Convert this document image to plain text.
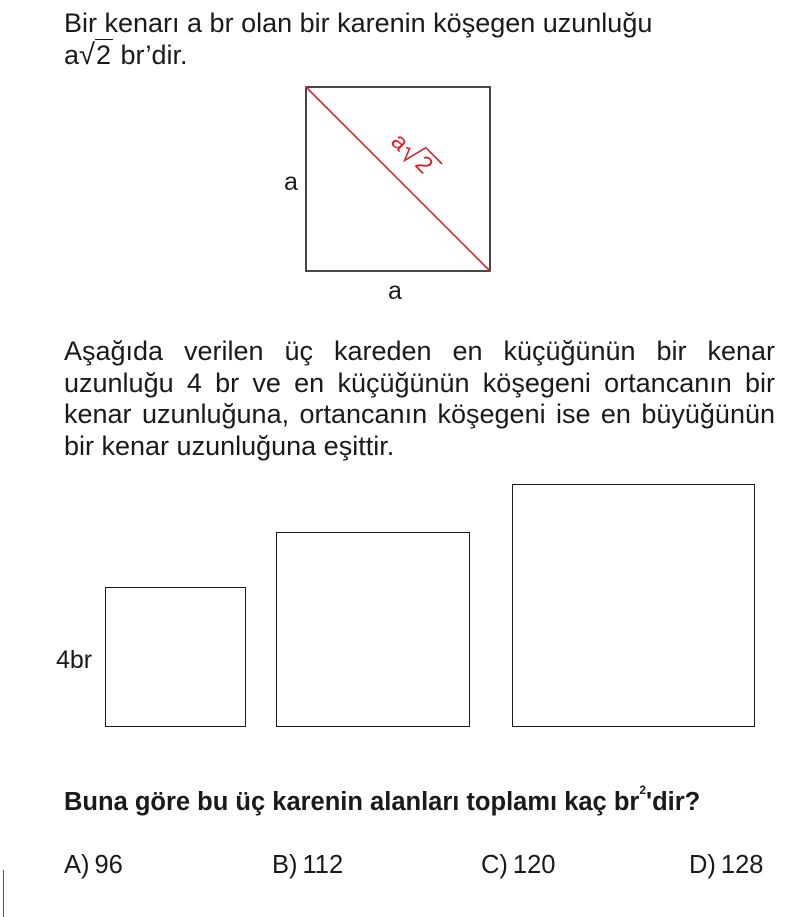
Bir kenarı a br olan bir karenin köşegen uzunluğu
a√2 br’dir.

a
2
a
a

Aşağıda verilen üç kareden en küçüğünün bir kenar uzunluğu 4 br ve en küçüğünün köşegeni ortancanın bir kenar uzunluğuna, ortancanın köşegeni ise en büyüğünün bir kenar uzunluğuna eşittir.

4br

Buna göre bu üç karenin alanları toplamı kaç $br^2'dir$?

A) 96	B) 112	C) 120	D) 128
